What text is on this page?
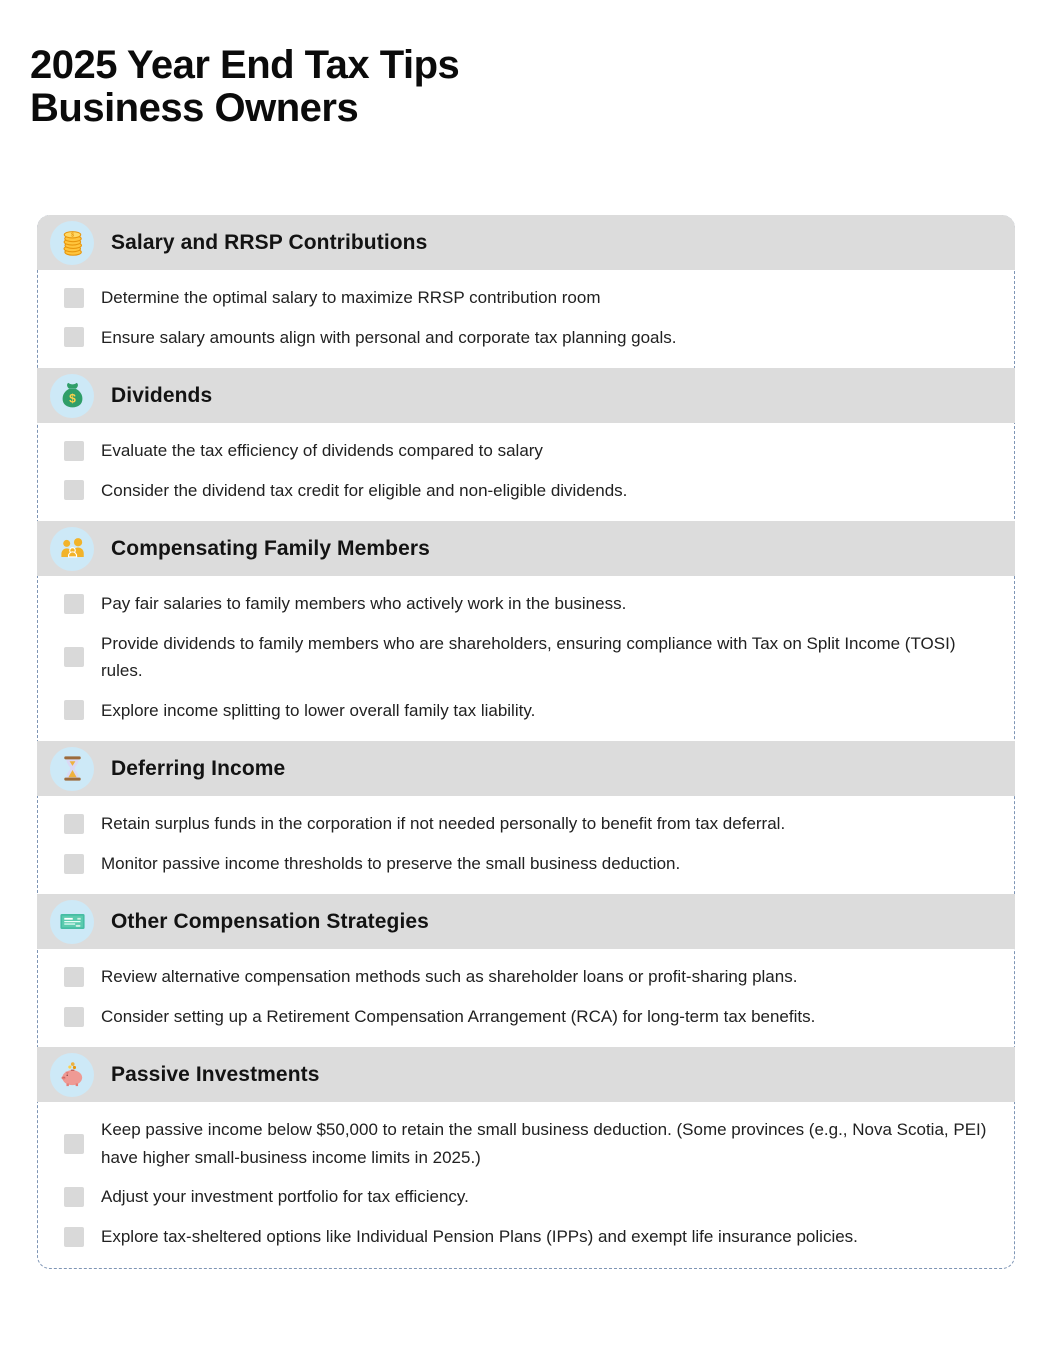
2025 Year End Tax Tips
Business Owners
$ Salary and RRSP Contributions
Determine the optimal salary to maximize RRSP contribution room
Ensure salary amounts align with personal and corporate tax planning goals.
$ Dividends
Evaluate the tax efficiency of dividends compared to salary
Consider the dividend tax credit for eligible and non-eligible dividends.
Compensating Family Members
Pay fair salaries to family members who actively work in the business.
Provide dividends to family members who are shareholders, ensuring compliance with Tax on Split Income (TOSI) rules.
Explore income splitting to lower overall family tax liability.
Deferring Income
Retain surplus funds in the corporation if not needed personally to benefit from tax deferral.
Monitor passive income thresholds to preserve the small business deduction.
Other Compensation Strategies
Review alternative compensation methods such as shareholder loans or profit-sharing plans.
Consider setting up a Retirement Compensation Arrangement (RCA) for long-term tax benefits.
Passive Investments
Keep passive income below $50,000 to retain the small business deduction. (Some provinces (e.g., Nova Scotia, PEI) have higher small-business income limits in 2025.)
Adjust your investment portfolio for tax efficiency.
Explore tax-sheltered options like Individual Pension Plans (IPPs) and exempt life insurance policies.
